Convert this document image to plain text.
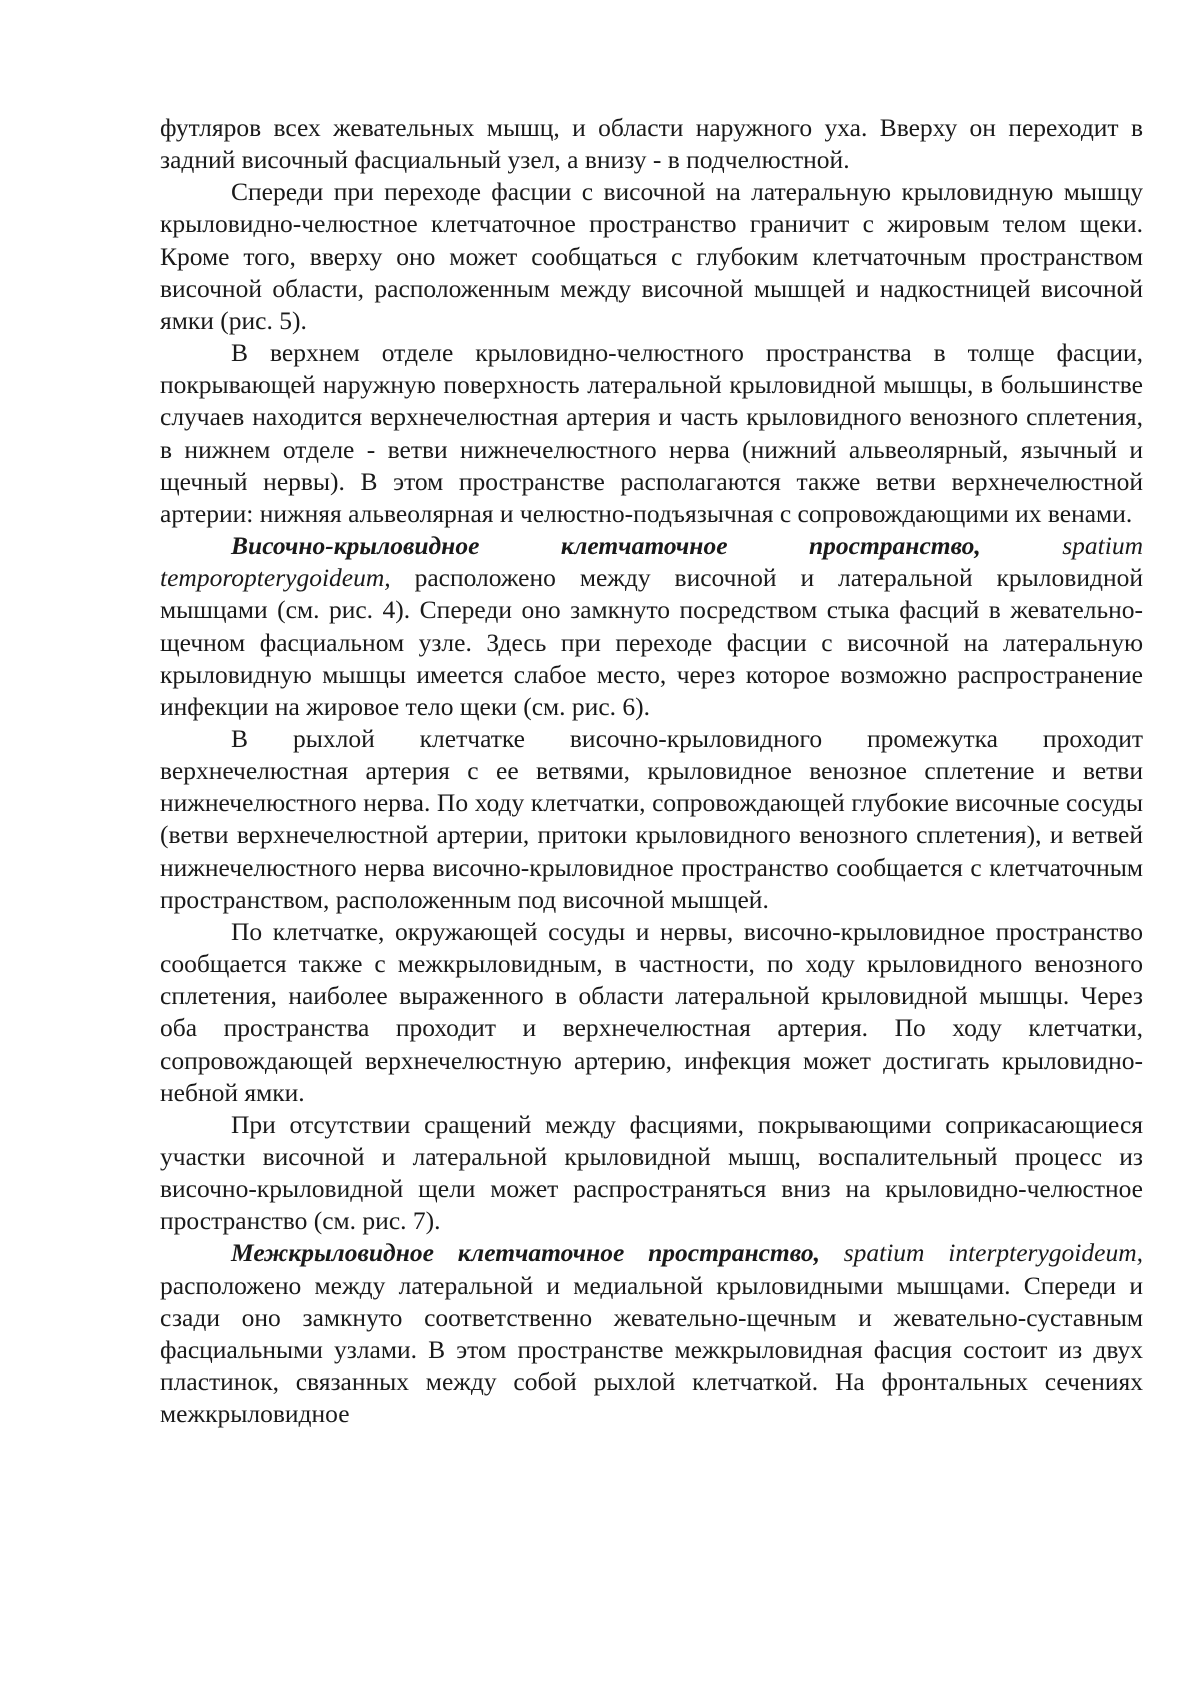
футляров всех жевательных мышц, и области наружного уха. Вверху он переходит в задний височный фасциальный узел, а внизу - в подчелюстной.

Спереди при переходе фасции с височной на латеральную крыловидную мышцу крыловидно-челюстное клетчаточное пространство граничит с жировым телом щеки. Кроме того, вверху оно может сообщаться с глубоким клетчаточным пространством височной области, расположенным между височной мышцей и надкостницей височной ямки (рис. 5).

В верхнем отделе крыловидно-челюстного пространства в толще фасции, покрывающей наружную поверхность латеральной крыловидной мышцы, в большинстве случаев находится верхнечелюстная артерия и часть крыловидного венозного сплетения, в нижнем отделе - ветви нижнечелюстного нерва (нижний альвеолярный, язычный и щечный нервы). В этом пространстве располагаются также ветви верхнечелюстной артерии: нижняя альвеолярная и челюстно-подъязычная с сопровождающими их венами.

Височно-крыловидное клетчаточное пространство,	spatium temporopterygoideum, расположено между височной и латеральной крыловидной мышцами (см. рис. 4). Спереди оно замкнуто посредством стыка фасций в жевательно-щечном фасциальном узле. Здесь при переходе фасции с височной на латеральную крыловидную мышцы имеется слабое место, через которое возможно распространение инфекции на жировое тело щеки (см. рис. 6).

В рыхлой клетчатке височно-крыловидного промежутка проходит верхнечелюстная артерия с ее ветвями, крыловидное венозное сплетение и ветви нижнечелюстного нерва. По ходу клетчатки, сопровождающей глубокие височные сосуды (ветви верхнечелюстной артерии, притоки крыловидного венозного сплетения), и ветвей нижнечелюстного нерва височно-крыловидное пространство сообщается с клетчаточным пространством, расположенным под височной мышцей.

По клетчатке, окружающей сосуды и нервы, височно-крыловидное пространство сообщается также с межкрыловидным, в частности, по ходу крыловидного венозного сплетения, наиболее выраженного в области латеральной крыловидной мышцы. Через оба пространства проходит и верхнечелюстная артерия. По ходу клетчатки, сопровождающей верхнечелюстную артерию, инфекция может достигать крыловидно-небной ямки.

При отсутствии сращений между фасциями, покрывающими соприкасающиеся участки височной и латеральной крыловидной мышц, воспалительный процесс из височно-крыловидной щели может распространяться вниз на крыловидно-челюстное пространство (см. рис. 7).

Межкрыловидное клетчаточное пространство, spatium interpterygoideum, расположено между латеральной и медиальной крыловидными мышцами. Спереди и сзади оно замкнуто соответственно жевательно-щечным и жевательно-суставным фасциальными узлами. В этом пространстве межкрыловидная фасция состоит из двух пластинок, связанных между собой рыхлой клетчаткой. На фронтальных сечениях межкрыловидное
